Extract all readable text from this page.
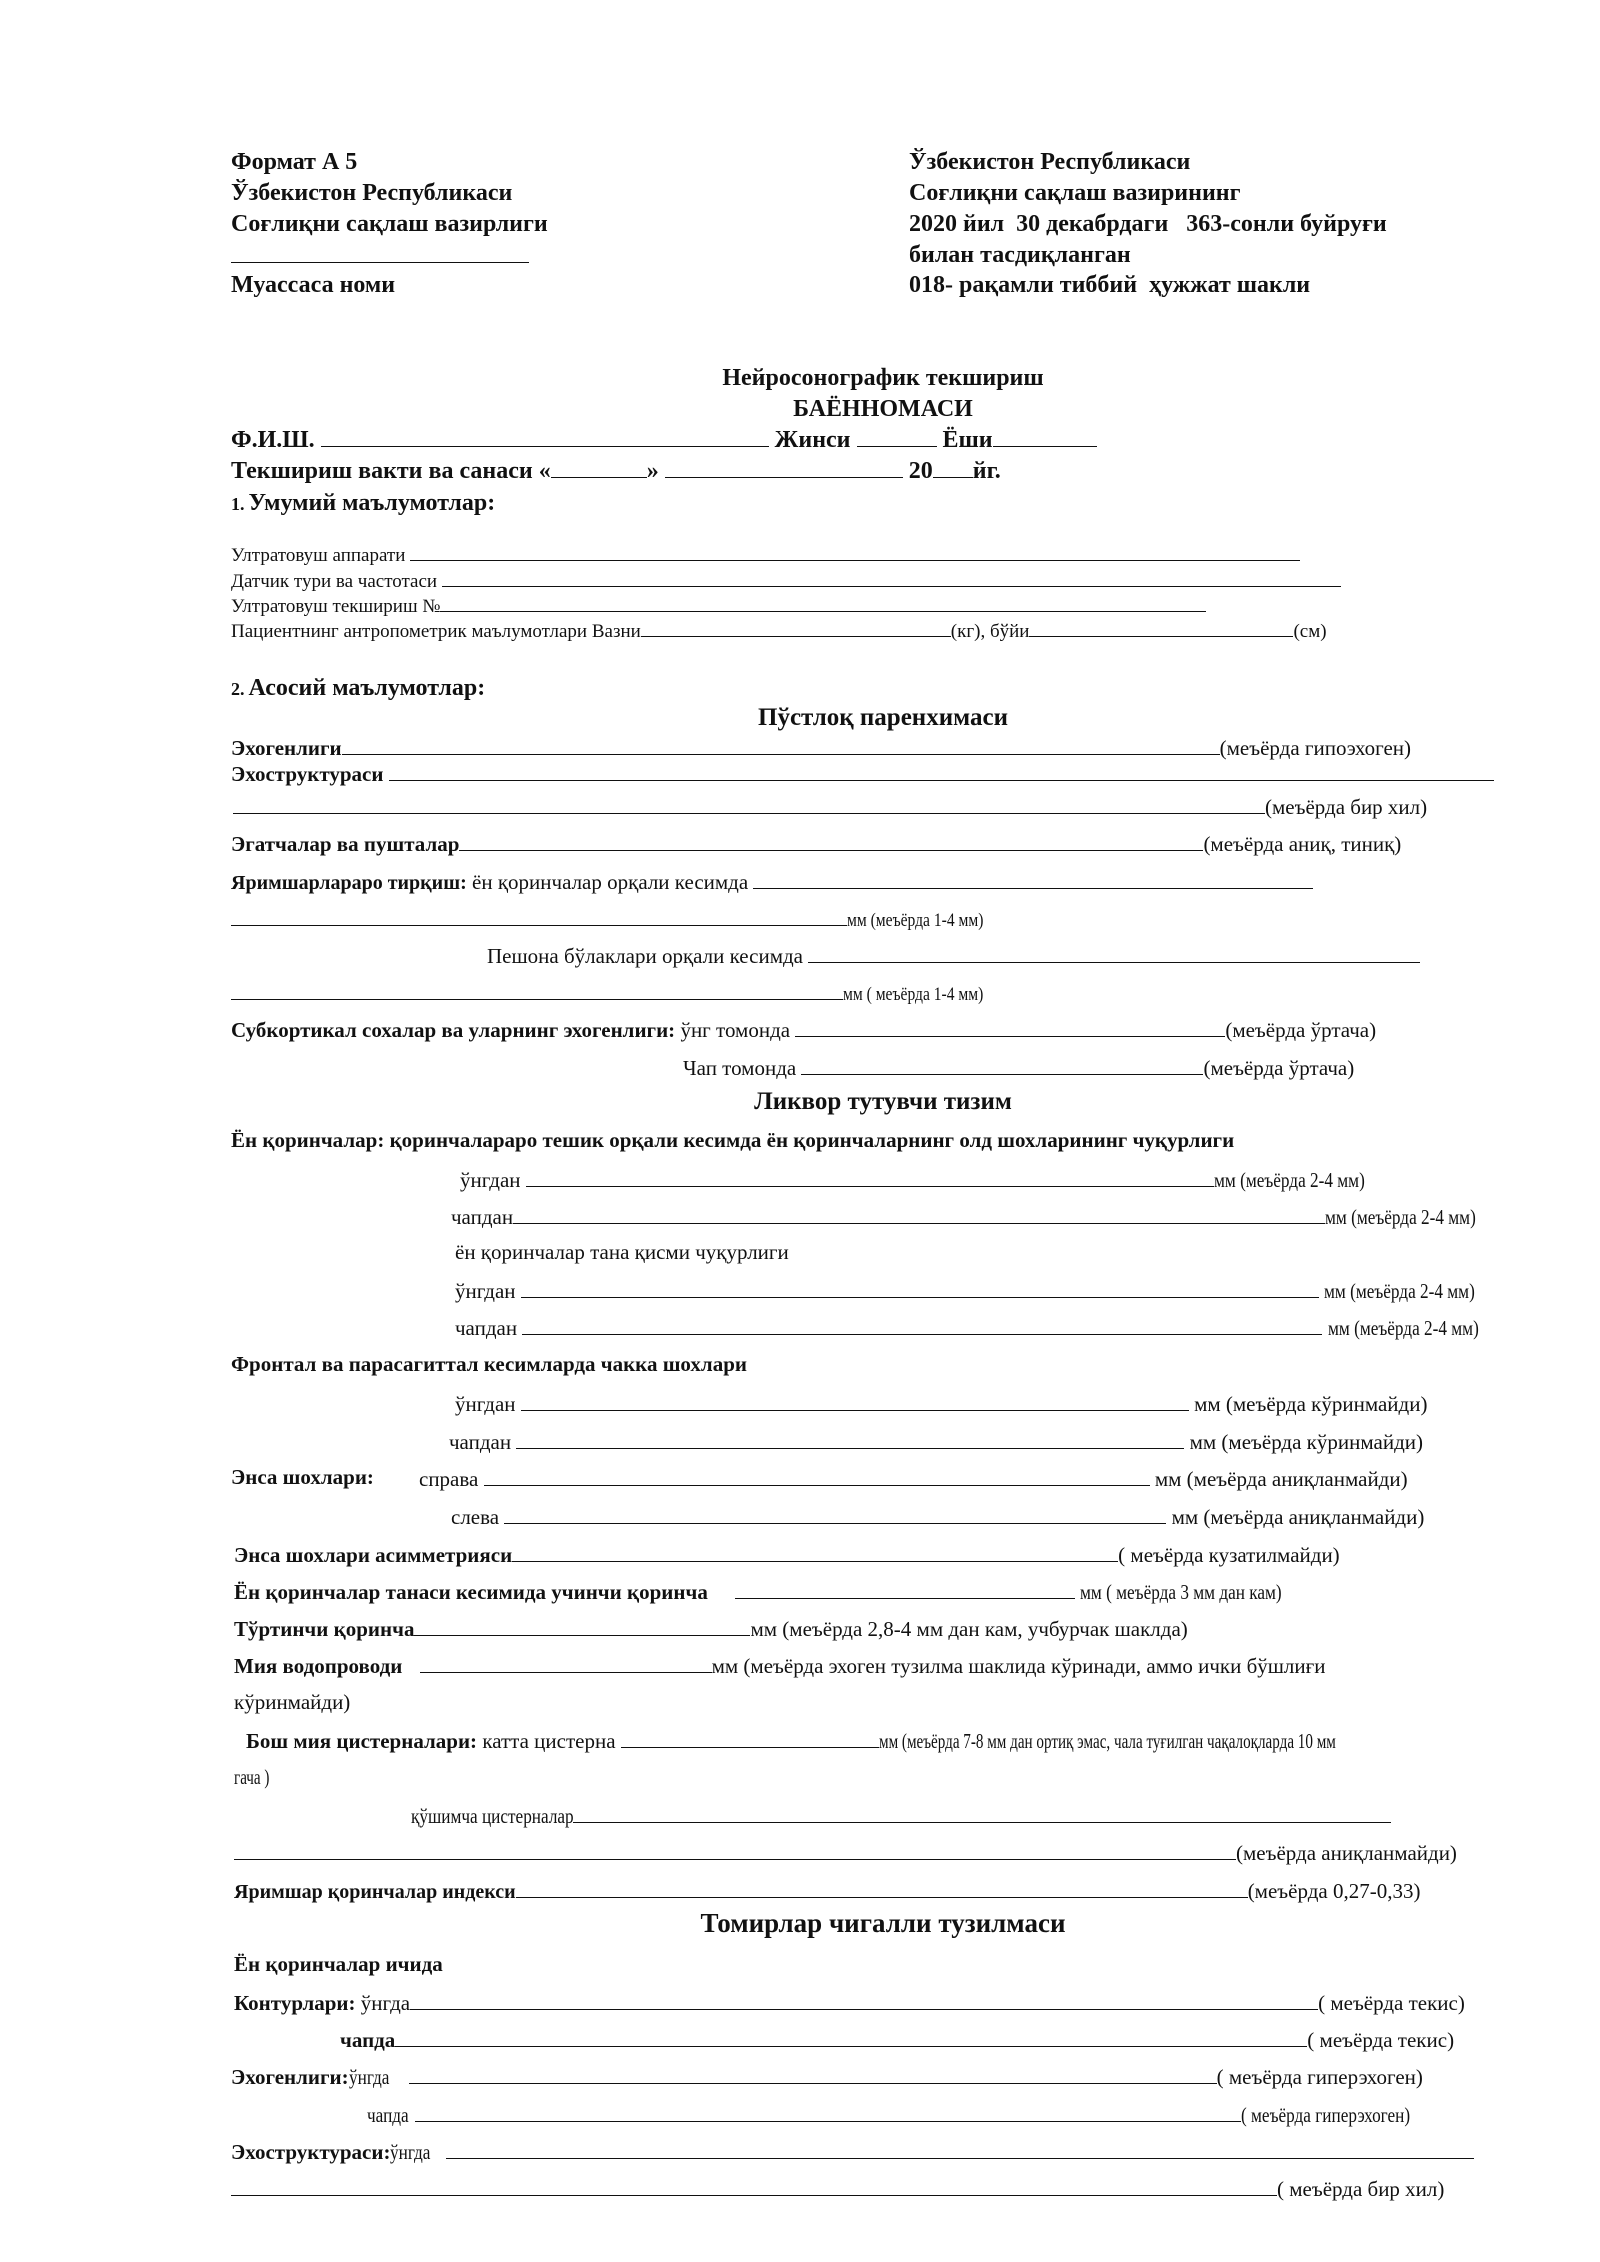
Формат А 5
Ўзбекистон Республикаси
Соғлиқни сақлаш вазирлиги
Муассаса номи
Ўзбекистон Республикаси
Соғлиқни сақлаш вазирининг
2020 йил  30 декабрдаги   363-сонли буйруғи
билан тасдиқланган
018- рақамли тиббий  ҳужжат шакли
Нейросонографик текшириш
БАЁННОМАСИ
Ф.И.Ш.	Жинси	Ёши
Текшириш вакти ва санаси «	»	20 йг.
1. Умумий маълумотлар:
Ултратовуш аппарати
Датчик тури ва частотаси
Ултратовуш текшириш №
Пациентнинг антропометрик маълумотлари Вазни	(кг), бўйи	(см)
2. Асосий маълумотлар:
Пўстлоқ паренхимаси
Эхогенлиги	(меъёрда гипоэхоген)
Эхоструктураси
(меъёрда бир хил)
Эгатчалар ва пушталар	(меъёрда аниқ, тиниқ)
Яримшарлараро тирқиш: ён қоринчалар орқали кесимда
мм (меъёрда 1-4 мм)
Пешона бўлаклари орқали кесимда
мм ( меъёрда 1-4 мм)
Субкортикал сохалар ва уларнинг эхогенлиги: ўнг томонда	(меъёрда ўртача)
Чап томонда	(меъёрда ўртача)
Ликвор тутувчи тизим
Ён қоринчалар: қоринчалараро тешик орқали кесимда ён қоринчаларнинг олд шохларининг чуқурлиги
ўнгдан	мм (меъёрда 2-4 мм)
чапдан	мм (меъёрда 2-4 мм)
ён қоринчалар тана қисми чуқурлиги
ўнгдан	мм (меъёрда 2-4 мм)
чапдан	мм (меъёрда 2-4 мм)
Фронтал ва парасагиттал кесимларда чакка шохлари
ўнгдан	мм (меъёрда кўринмайди)
чапдан	мм (меъёрда кўринмайди)
Энса шохлари: справа	мм (меъёрда аниқланмайди)
слева	мм (меъёрда аниқланмайди)
Энса шохлари асимметрияси	( меъёрда кузатилмайди)
Ён қоринчалар танаси кесимида учинчи қоринча	мм ( меъёрда 3 мм дан кам)
Тўртинчи қоринча	мм (меъёрда 2,8-4 мм дан кам, учбурчак шаклда)
Мия водопроводи	мм (меъёрда эхоген тузилма шаклида кўринади, аммо ички бўшлиғи
кўринмайди)
Бош мия цистерналари: катта цистерна	мм (меъёрда 7-8 мм дан ортиқ эмас, чала туғилган чақалоқларда 10 мм
гача )
қўшимча цистерналар
(меъёрда аниқланмайди)
Яримшар қоринчалар индекси	(меъёрда 0,27-0,33)
Томирлар чигалли тузилмаси
Ён қоринчалар ичида
Контурлари: ўнгда	( меъёрда текис)
чапда	( меъёрда текис)
Эхогенлиги:ўнгда	( меъёрда гиперэхоген)
чапда	( меъёрда гиперэхоген)
Эхоструктураси:ўнгда
( меъёрда бир хил)
